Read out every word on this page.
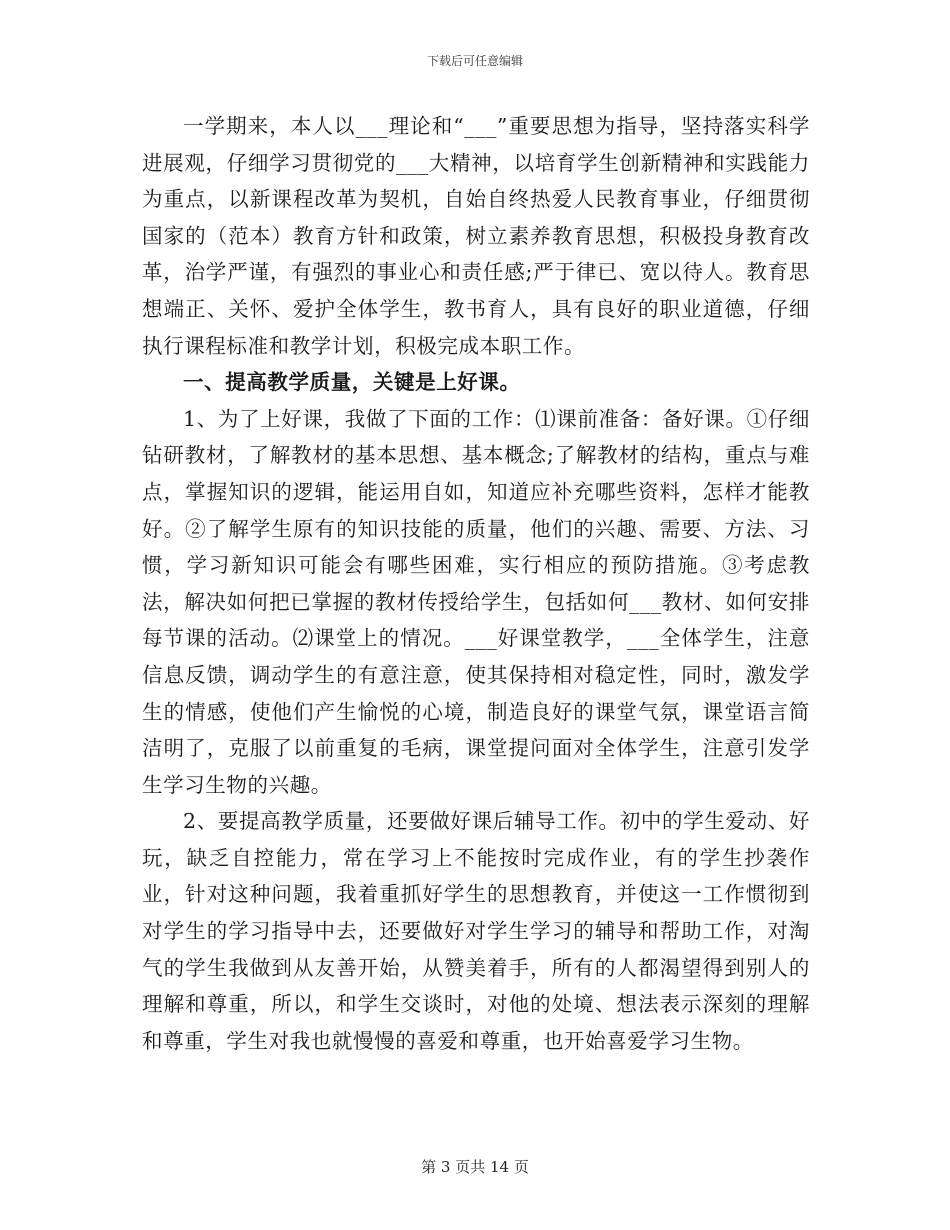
下载后可任意编辑

一学期来，本人以___理论和“___”重要思想为指导，坚持落实科学进展观，仔细学习贯彻党的___大精神，以培育学生创新精神和实践能力为重点，以新课程改革为契机，自始自终热爱人民教育事业，仔细贯彻国家的（范本）教育方针和政策，树立素养教育思想，积极投身教育改革，治学严谨，有强烈的事业心和责任感;严于律已、宽以待人。教育思想端正、关怀、爱护全体学生，教书育人，具有良好的职业道德，仔细执行课程标准和教学计划，积极完成本职工作。

一、提高教学质量，关键是上好课。

1、为了上好课，我做了下面的工作：⑴课前准备：备好课。①仔细钻研教材，了解教材的基本思想、基本概念;了解教材的结构，重点与难点，掌握知识的逻辑，能运用自如，知道应补充哪些资料，怎样才能教好。②了解学生原有的知识技能的质量，他们的兴趣、需要、方法、习惯，学习新知识可能会有哪些困难，实行相应的预防措施。③考虑教法，解决如何把已掌握的教材传授给学生，包括如何___教材、如何安排每节课的活动。⑵课堂上的情况。___好课堂教学，___全体学生，注意信息反馈，调动学生的有意注意，使其保持相对稳定性，同时，激发学生的情感，使他们产生愉悦的心境，制造良好的课堂气氛，课堂语言简洁明了，克服了以前重复的毛病，课堂提问面对全体学生，注意引发学生学习生物的兴趣。

2、要提高教学质量，还要做好课后辅导工作。初中的学生爱动、好玩，缺乏自控能力，常在学习上不能按时完成作业，有的学生抄袭作业，针对这种问题，我着重抓好学生的思想教育，并使这一工作惯彻到对学生的学习指导中去，还要做好对学生学习的辅导和帮助工作，对淘气的学生我做到从友善开始，从赞美着手，所有的人都渴望得到别人的理解和尊重，所以，和学生交谈时，对他的处境、想法表示深刻的理解和尊重，学生对我也就慢慢的喜爱和尊重，也开始喜爱学习生物。

第 3 页共 14 页
